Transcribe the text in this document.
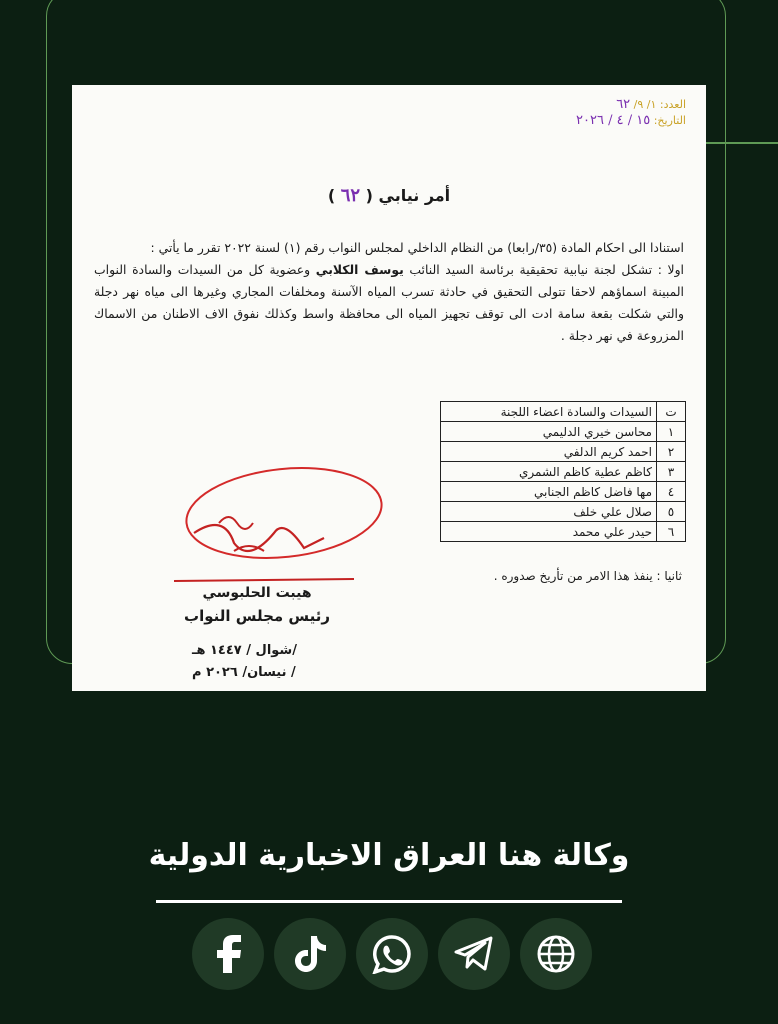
العدد: ١/ ٩/ ٦٢
التاريخ: ١٥ / ٤ / ٢٠٢٦
أمر نيابي ( ٦٢ )
استنادا الى احكام المادة (٣٥/رابعا) من النظام الداخلي لمجلس النواب رقم (١) لسنة ٢٠٢٢ تقرر ما يأتي :
اولا : تشكل لجنة نيابية تحقيقية برئاسة السيد النائب يوسف الكلابي وعضوية كل من السيدات والسادة النواب المبينة اسماؤهم لاحقا تتولى التحقيق في حادثة تسرب المياه الآسنة ومخلفات المجاري وغيرها الى مياه نهر دجلة والتي شكلت بقعة سامة ادت الى توقف تجهيز المياه الى محافظة واسط وكذلك نفوق الاف الاطنان من الاسماك المزروعة في نهر دجلة .
ت	السيدات والسادة اعضاء اللجنة
١	محاسن خيري الدليمي
٢	احمد كريم الدلفي
٣	كاظم عطية كاظم الشمري
٤	مها فاضل كاظم الجنابي
٥	صلال علي خلف
٦	حيدر علي محمد
ثانيا : ينفذ هذا الامر من تأريخ صدوره .
هيبت الحلبوسي
رئيس مجلس النواب
/شوال / ١٤٤٧ هـ
/ نيسان/ ٢٠٢٦ م
وكالة هنا العراق الاخبارية الدولية
